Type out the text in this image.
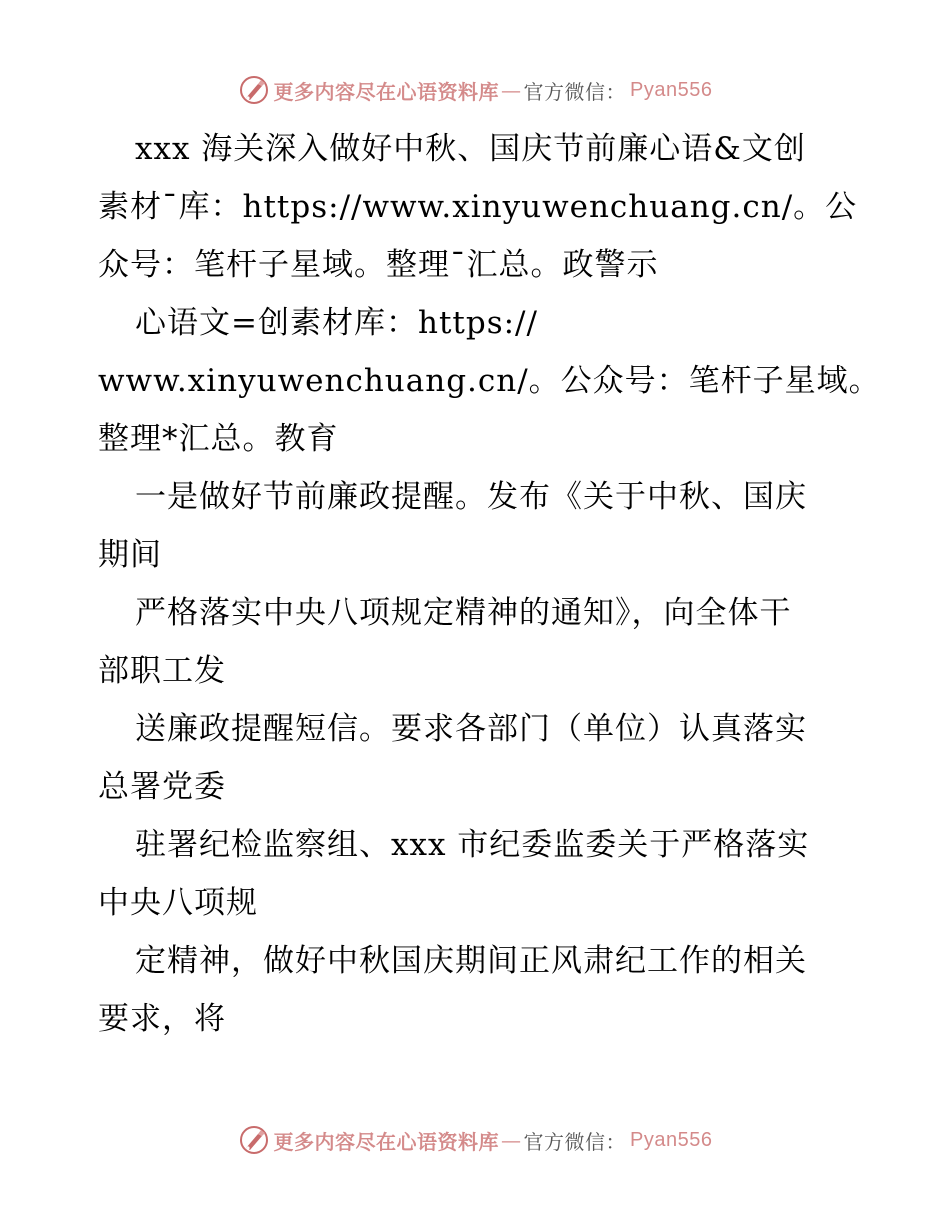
更多内容尽在心语资料库 — 官方微信： Pyan556
xxx 海关深入做好中秋、国庆节前廉心语&文创
素材¯库：https://www.xinyuwenchuang.cn/。公
众号：笔杆子星域。整理¯汇总。政警示
心语文=创素材库：https://
www.xinyuwenchuang.cn/。公众号：笔杆子星域。
整理*汇总。教育
一是做好节前廉政提醒。发布《关于中秋、国庆
期间
严格落实中央八项规定精神的通知》，向全体干
部职工发
送廉政提醒短信。要求各部门（单位）认真落实
总署党委
驻署纪检监察组、xxx 市纪委监委关于严格落实
中央八项规
定精神，做好中秋国庆期间正风肃纪工作的相关
要求，将
更多内容尽在心语资料库 — 官方微信： Pyan556
